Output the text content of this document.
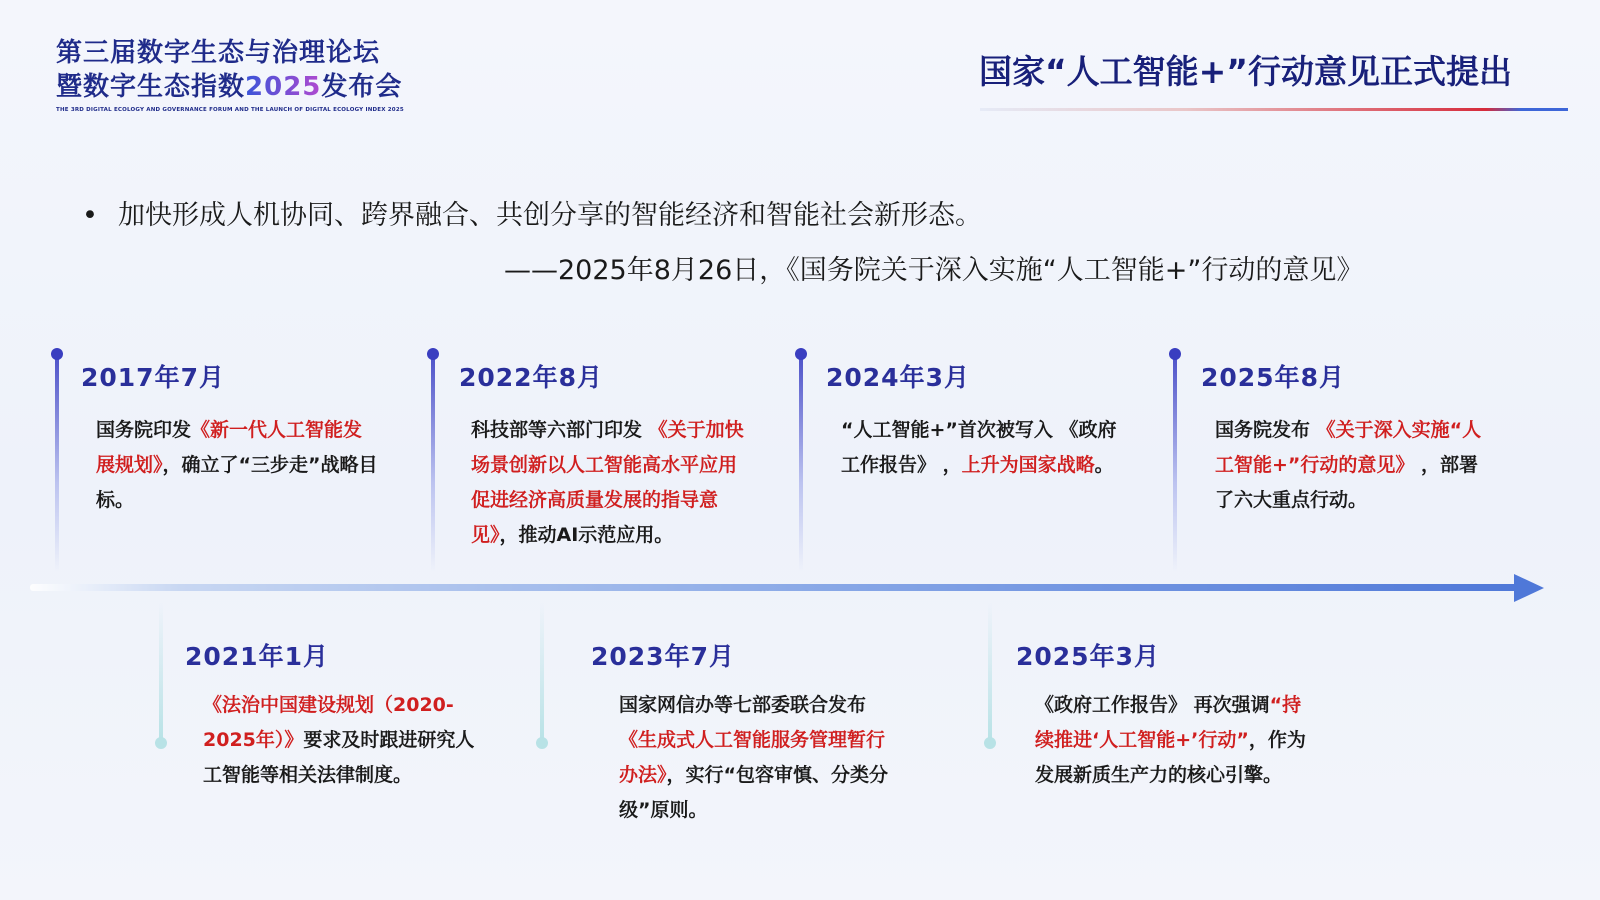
第三届数字生态与治理论坛
暨数字生态指数2025发布会
THE 3RD DIGITAL ECOLOGY AND GOVERNANCE FORUM AND THE LAUNCH OF DIGITAL ECOLOGY INDEX 2025
国家“人工智能+”行动意见正式提出
• 加快形成人机协同、跨界融合、共创分享的智能经济和智能社会新形态。
——2025年8月26日，《国务院关于深入实施“人工智能+”行动的意见》
2017年7月
国务院印发《新一代人工智能发展规划》，确立了“三步走”战略目标。
2022年8月
科技部等六部门印发 《关于加快场景创新以人工智能高水平应用促进经济高质量发展的指导意见》，推动AI示范应用。
2024年3月
“人工智能+”首次被写入 《政府工作报告》 ，上升为国家战略。
2025年8月
国务院发布 《关于深入实施“人工智能+”行动的意见》 ，部署了六大重点行动。
2021年1月
《法治中国建设规划（2020-2025年）》要求及时跟进研究人工智能等相关法律制度。
2023年7月
国家网信办等七部委联合发布《生成式人工智能服务管理暂行办法》，实行“包容审慎、分类分级”原则。
2025年3月
《政府工作报告》 再次强调“持续推进‘人工智能+’行动”，作为发展新质生产力的核心引擎。
